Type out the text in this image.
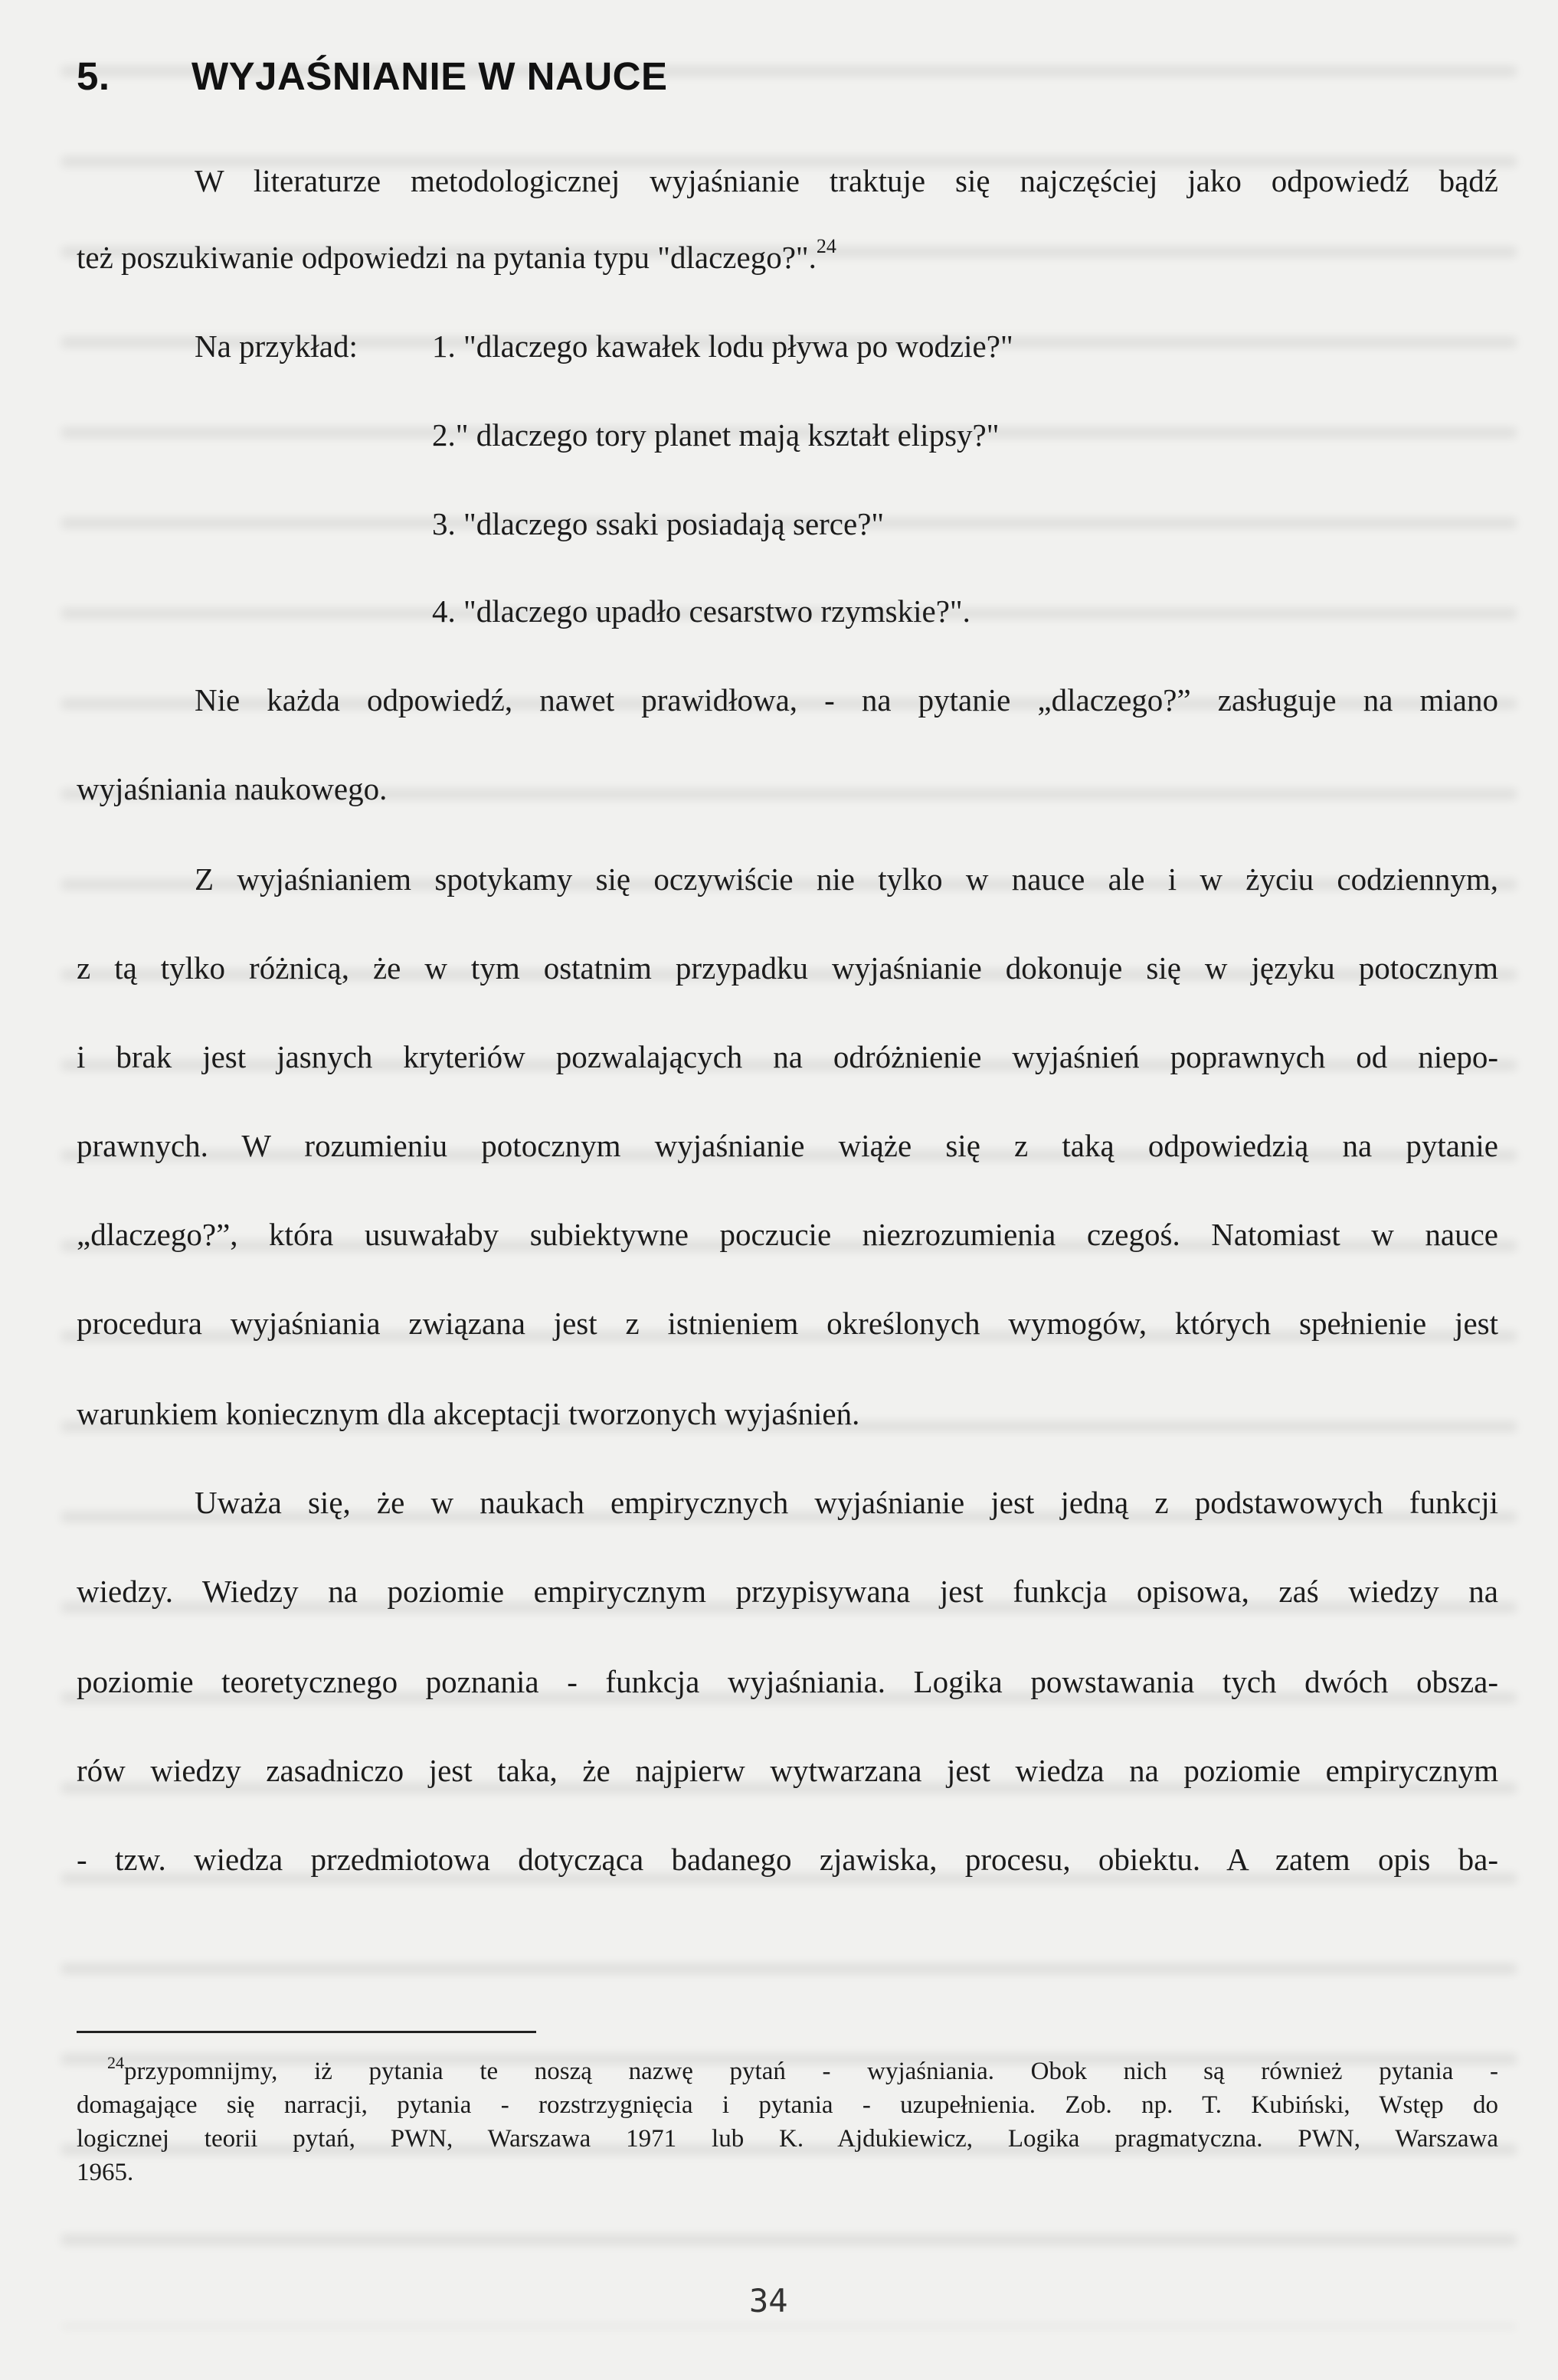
5. WYJAŚNIANIE W NAUCE
W literaturze metodologicznej wyjaśnianie traktuje się najczęściej jako odpowiedź bądź
też poszukiwanie odpowiedzi na pytania typu "dlaczego?".$^{24}$
Na przykład: 1. "dlaczego kawałek lodu pływa po wodzie?"
2." dlaczego tory planet mają kształt elipsy?"
3. "dlaczego ssaki posiadają serce?"
4. "dlaczego upadło cesarstwo rzymskie?".
Nie każda odpowiedź, nawet prawidłowa, - na pytanie „dlaczego?” zasługuje na miano
wyjaśniania naukowego.
Z wyjaśnianiem spotykamy się oczywiście nie tylko w nauce ale i w życiu codziennym,
z tą tylko różnicą, że w tym ostatnim przypadku wyjaśnianie dokonuje się w języku potocznym
i brak jest jasnych kryteriów pozwalających na odróżnienie wyjaśnień poprawnych od niepo-
prawnych. W rozumieniu potocznym wyjaśnianie wiąże się z taką odpowiedzią na pytanie
„dlaczego?”, która usuwałaby subiektywne poczucie niezrozumienia czegoś. Natomiast w nauce
procedura wyjaśniania związana jest z istnieniem określonych wymogów, których spełnienie jest
warunkiem koniecznym dla akceptacji tworzonych wyjaśnień.
Uważa się, że w naukach empirycznych wyjaśnianie jest jedną z podstawowych funkcji
wiedzy. Wiedzy na poziomie empirycznym przypisywana jest funkcja opisowa, zaś wiedzy na
poziomie teoretycznego poznania - funkcja wyjaśniania. Logika powstawania tych dwóch obsza-
rów wiedzy zasadniczo jest taka, że najpierw wytwarzana jest wiedza na poziomie empirycznym
- tzw. wiedza przedmiotowa dotycząca badanego zjawiska, procesu, obiektu. A zatem opis ba-
$^{24}$przypomnijmy, iż pytania te noszą nazwę pytań - wyjaśniania. Obok nich są również pytania -
domagające się narracji, pytania - rozstrzygnięcia i pytania - uzupełnienia. Zob. np. T. Kubiński, Wstęp do
logicznej teorii pytań, PWN, Warszawa 1971 lub K. Ajdukiewicz, Logika pragmatyczna. PWN, Warszawa
1965.
34
